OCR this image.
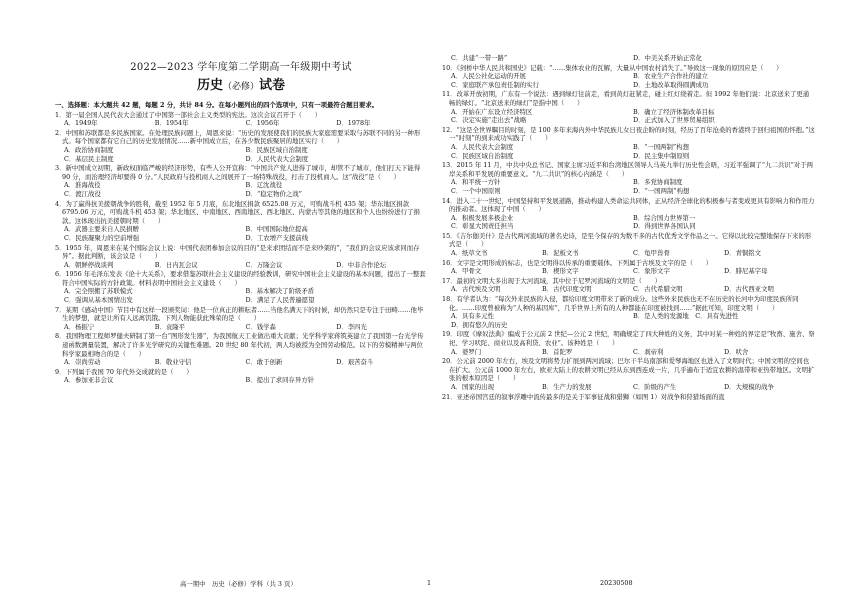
2022—2023 学年度第二学期高一年级期中考试
历史（必修）试卷
一、选择题：本大题共 42 题，每题 2 分，共计 84 分。在每小题列出的四个选项中，只有一项最符合题目要求。
1．第一届全国人民代表大会通过了中国第一部社会主义类型的宪法。这次会议召开于（　　）
A．1949年	B．1954年	C．1956年	D．1978年
2．中国和苏联都是多民族国家。在处理民族问题上，周恩来说：“历史的发展使我们的民族大家庭需要采取与苏联不同的另一种形式。每个国家都有它自己的历史发展情况……新中国成立后，在各少数民族聚居的地区实行（　　）
A．政治协商制度	B．民族区域自治制度
C．基层民主制度	D．人民代表大会制度
3．新中国成立初期，新政权面临严峻的经济形势，有些人公开宣称：“中国共产党人进得了城市，却管不了城市，他们打天下能得 90 分，而治理经济却要得 0 分。”人民政府与投机商人之间展开了一场特殊战役，打击了投机商人。这“战役”是（　　）
A．淮海战役	B．辽沈战役
C．渡江战役	D．“稳定物价之战”
4．为了赢得抗美援朝战争的胜利，截至 1952 年 5 月底，东北地区捐款 6525.08 万元，可购战斗机 435 架；华东地区捐款 6795.06 万元，可购战斗机 453 架；华北地区、中南地区、西南地区、西北地区、内蒙古等其他的地区和个人也纷纷进行了捐款。这体现出抗美援朝时期（　　）
A．武器主要来自人民捐赠	B．中国国际地位提高
C．民族凝聚力的空前增强	D．工农增产支援前线
5．1955 年，周恩来在某个国际会议上说：中国代表团参加会议的目的“是来求团结而不是来吵架的”，“我们的会议应该求同而存异”。据此判断，该会议是（　　）
A．朝鲜停战谈判	B．日内瓦会议	C．万隆会议	D．中非合作论坛
6．1956 年毛泽东发表《论十大关系》，要求借鉴苏联社会主义建设的经验教训，研究中国社会主义建设的基本问题，提出了一整套符合中国实际的方针政策。材料表明中国社会主义建设（　　）
A．完全照搬了苏联模式	B．基本解决了阶级矛盾
C．强调从基本国情出发	D．满足了人民普遍愿望
7．某期《感动中国》节目中有这样一段颁奖词：他是一位真正的耕耘者……当他名满天下的时候，却仍然只是专注于田畴……他毕生的梦想，就是让所有人远离饥饿。下列人物能获此殊荣的是（　　）
A．杨振宁	B．袁隆平	C．钱学森	D．李四光
8．我国物理工程师罗健夫研制了第一台“图形发生器”，为我国航天工业做出重大贡献；光学科学家蒋筑英建立了我国第一台光学传递函数测量装置，解决了许多光学研究的关键性难题。20 世纪 80 年代初，两人均被授为全国劳动模范。以下的劳模精神与两位科学家最相吻合的是（　　）
A．崇尚劳动	B．敬业守信	C．敢于创新	D．艰苦奋斗
9．下列属于我国 70 年代外交成就的是（　　）
A．参加亚非会议	B．提出了求同存异方针
C．共建“一带一路”	D．中美关系开始正常化
10．《剑桥中华人民共和国史》记载：“……集体农业的瓦解，大量从中国农村消失了。”导致这一现象的原因应是（　　）
A．人民公社化运动的开展	B．农业生产合作社的建立
C．家庭联产承包责任制的实行	D．土地改革取得圆满成功
11．改革开放初期，广东有一个说法：遇到绿灯往前走，看到黄灯赶紧走，碰上红灯绕着走。但 1992 年他们说：北京送来了更通畅的绿灯。“北京送来的绿灯”是指中国（　　）
A．开始在广东设立经济特区	B．确立了经济体制改革目标
C．决定实施“走出去”战略	D．正式加入了世界贸易组织
12．“这是全世界瞩目的时刻，是 100 多年来海内外中华民族儿女日夜企盼的时刻，经历了百年沧桑的香港终于回归祖国的怀抱。”这一“时刻”的到来成功实践了（　　）
A．人民代表大会制度	B．“一国两制”构想
C．民族区域自治制度	D．民主集中制原则
13．2015 年 11 月，中共中央总书记、国家主席习近平和台湾地区领导人马英九举行历史性会晤，习近平强调了“九二共识”对于两岸关系和平发展的重要意义。“九二共识”的核心内涵是（　　）
A．和平统一方针	B．多党协商制度
C．一个中国原则	D．“一国两制”构想
14．进入二十一世纪，中国坚持和平发展道路，推动构建人类命运共同体，正从经济全球化的积极参与者变成更具有影响力和作用力的推动者。这体现了中国（　　）
A．积极发展多极企业	B．综合国力世界第一
C．彰显大国责任担当	D．得到世界各国认同
15．《吉尔伽美什》是古代两河流域的著名史诗，是至今保存的为数不多的古代优秀文学作品之一。它得以比较完整地保存下来的形式是（　　）
A．纸草文书	B．泥板文书	C．龟甲兽骨	D．青铜铭文
16．文字是文明形成的标志，也是文明得以传承的重要载体。下列属于古埃及文字的是（　　）
A．甲骨文	B．楔形文字	C．象形文字	D．腓尼基字母
17．最初的文明大多出现于大河流域，其中位于尼罗河流域的文明是（　　）
A．古代埃及文明	B．古代印度文明	C．古代希腊文明	D．古代西亚文明
18．有学者认为：“每次外来民族的入侵，都给印度文明带来了新的成分。这些外来民族也无不在历史的长河中为印度民族所同化。……印度曾被称为“人种的基因库”，几乎世界上所有的人种都能在印度被找到……”据此可知，印度文明（　　）
A．具有多元性	B．是人类的发源地　C．具有先进性
D．拥有悠久的历史
19．印度《摩奴法典》编成于公元前 2 世纪—公元 2 世纪，明确规定了四大种姓的义务，其中对某一种姓的界定是“牧畜、施舍、祭祀、学习吠陀、商业以及高利贷、农业”。该种姓是（　　）
A．婆罗门	B．首陀罗	C．刹帝利	D．吠舍
20．公元前 2000 年左右，埃及文明将势力扩展到两河流域；巴尔干半岛南部和爱琴海地区也进入了文明时代；中国文明的空间也在扩大。公元前 1000 年左右，欧亚大陆上的农耕文明已经从东到西连成一片，几乎遍布于适宜农耕的温带和亚热带地区。文明扩张的根本原因是（　　）
A．国家的出现	B．生产力的发展	C．阶级的产生	D．大规模的战争
21．亚述帝国宫廷的叙事浮雕中流传最多的是关于军事征战和猎狮（如图 1）对战争和狩猎场面的直
高一期中　历史（必修）学科（共 3 页）	1	20230508
